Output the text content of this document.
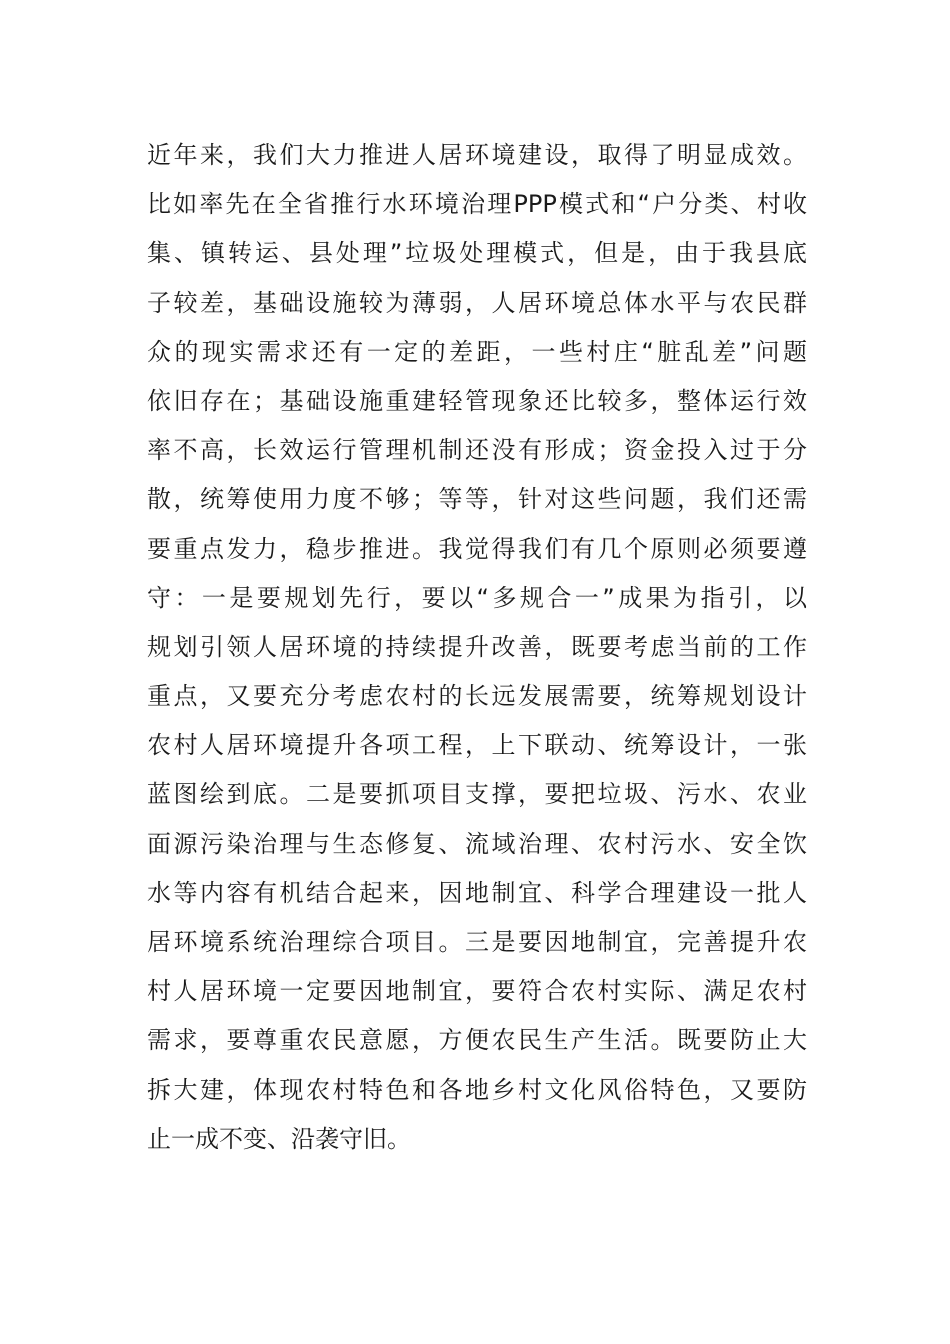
近年来，我们大力推进人居环境建设，取得了明显成效。
比如率先在全省推行水环境治理PPP模式和“户分类、村收
集、镇转运、县处理”垃圾处理模式，但是，由于我县底
子较差，基础设施较为薄弱，人居环境总体水平与农民群
众的现实需求还有一定的差距，一些村庄“脏乱差”问题
依旧存在；基础设施重建轻管现象还比较多，整体运行效
率不高，长效运行管理机制还没有形成；资金投入过于分
散，统筹使用力度不够；等等，针对这些问题，我们还需
要重点发力，稳步推进。我觉得我们有几个原则必须要遵
守：一是要规划先行，要以“多规合一”成果为指引，以
规划引领人居环境的持续提升改善，既要考虑当前的工作
重点，又要充分考虑农村的长远发展需要，统筹规划设计
农村人居环境提升各项工程，上下联动、统筹设计，一张
蓝图绘到底。二是要抓项目支撑，要把垃圾、污水、农业
面源污染治理与生态修复、流域治理、农村污水、安全饮
水等内容有机结合起来，因地制宜、科学合理建设一批人
居环境系统治理综合项目。三是要因地制宜，完善提升农
村人居环境一定要因地制宜，要符合农村实际、满足农村
需求，要尊重农民意愿，方便农民生产生活。既要防止大
拆大建，体现农村特色和各地乡村文化风俗特色，又要防
止一成不变、沿袭守旧。
